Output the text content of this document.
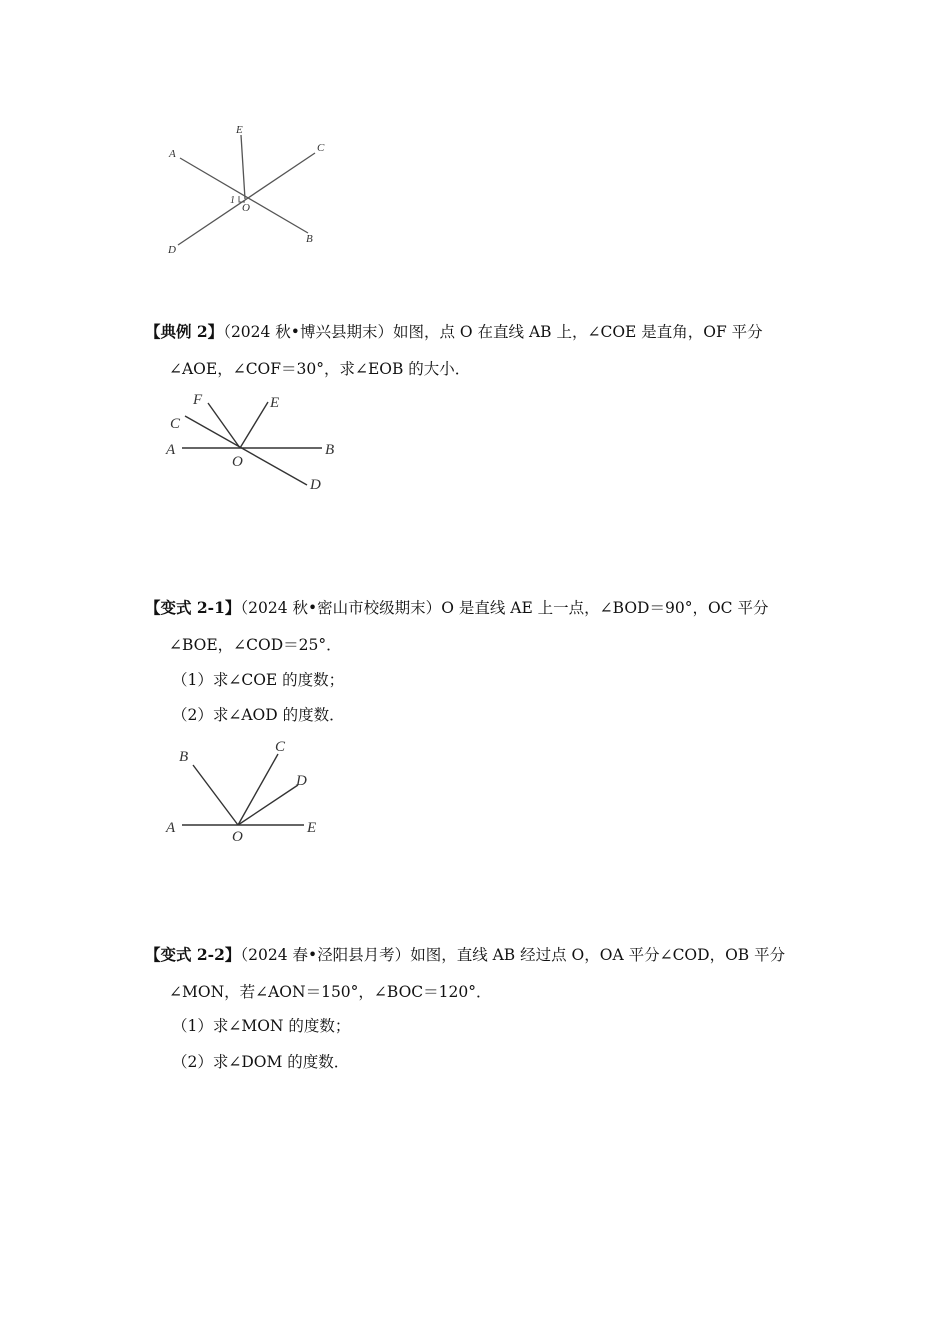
A
E
C
1
O
D
B

【典例 2】（2024 秋•博兴县期末）如图，点 O 在直线 AB 上，∠COE 是直角，OF 平分
∠AOE，∠COF＝30°，求∠EOB 的大小．

F	E
C
A
O
B
D

【变式 2-1】（2024 秋•密山市校级期末）O 是直线 AE 上一点，∠BOD＝90°，OC 平分
∠BOE，∠COD＝25°．

（1）求∠COE 的度数；

（2）求∠AOD 的度数．

B
C
D
A
O
E

【变式 2-2】（2024 春•泾阳县月考）如图，直线 AB 经过点 O，OA 平分∠COD，OB 平分
∠MON，若∠AON＝150°，∠BOC＝120°．

（1）求∠MON 的度数；

（2）求∠DOM 的度数．
